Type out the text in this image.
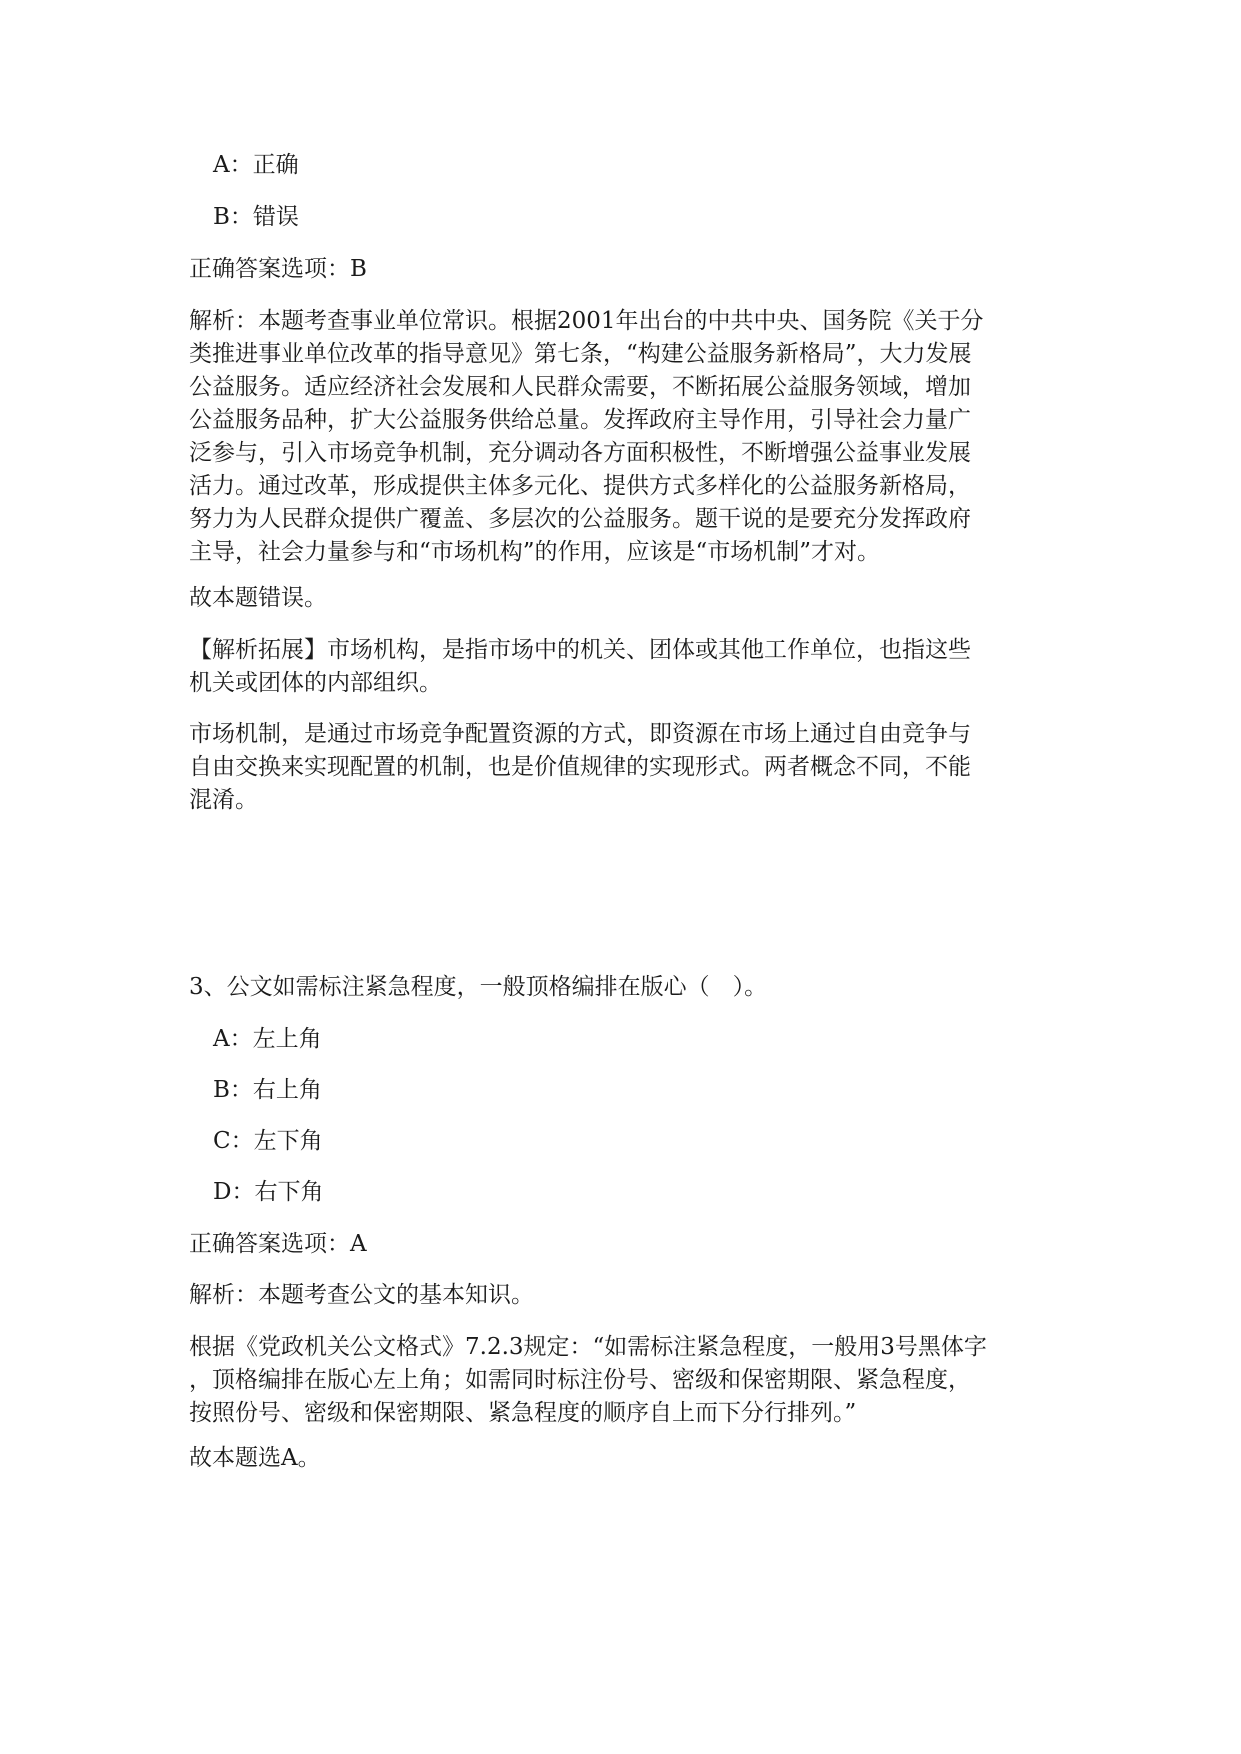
A：正确
B：错误
正确答案选项：B
解析：本题考查事业单位常识。根据2001年出台的中共中央、国务院《关于分
类推进事业单位改革的指导意见》第七条，“构建公益服务新格局”，大力发展
公益服务。适应经济社会发展和人民群众需要，不断拓展公益服务领域，增加
公益服务品种，扩大公益服务供给总量。发挥政府主导作用，引导社会力量广
泛参与，引入市场竞争机制，充分调动各方面积极性，不断增强公益事业发展
活力。通过改革，形成提供主体多元化、提供方式多样化的公益服务新格局，
努力为人民群众提供广覆盖、多层次的公益服务。题干说的是要充分发挥政府
主导，社会力量参与和“市场机构”的作用，应该是“市场机制”才对。
故本题错误。
【解析拓展】市场机构，是指市场中的机关、团体或其他工作单位，也指这些
机关或团体的内部组织。
市场机制，是通过市场竞争配置资源的方式，即资源在市场上通过自由竞争与
自由交换来实现配置的机制，也是价值规律的实现形式。两者概念不同，不能
混淆。
3、公文如需标注紧急程度，一般顶格编排在版心（　）。
A：左上角
B：右上角
C：左下角
D：右下角
正确答案选项：A
解析：本题考查公文的基本知识。
根据《党政机关公文格式》7.2.3规定：“如需标注紧急程度，一般用3号黑体字
，顶格编排在版心左上角；如需同时标注份号、密级和保密期限、紧急程度，
按照份号、密级和保密期限、紧急程度的顺序自上而下分行排列。”
故本题选A。
